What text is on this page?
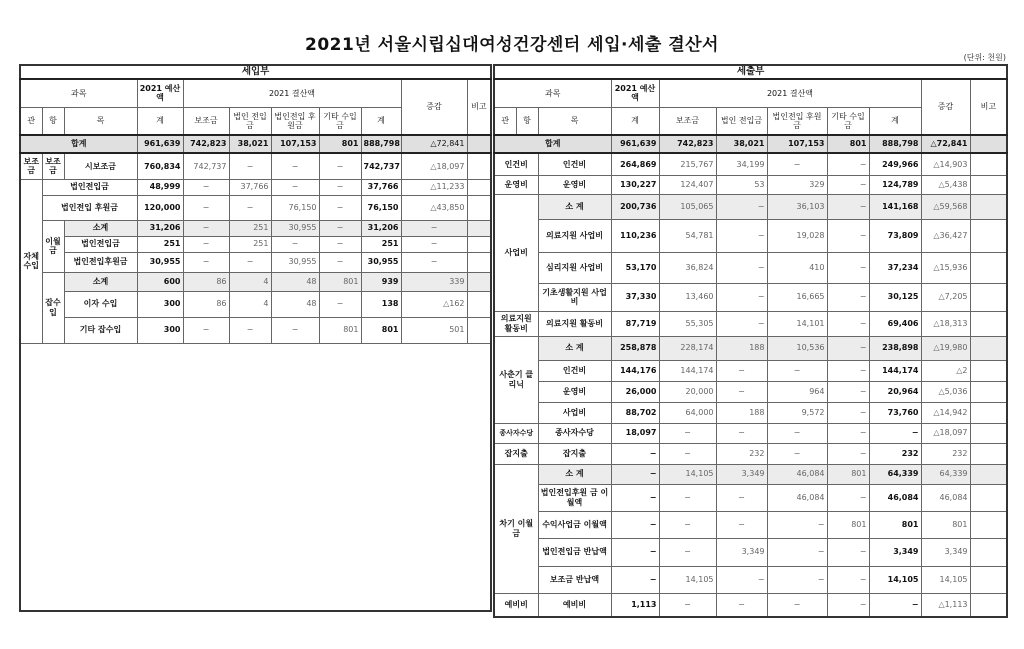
2021년 서울시립십대여성건강센터 세입·세출 결산서
(단위: 천원)
세입부										
과목			2021 예산액	2021 결산액					증감	비고
관	항	목	계	보조금	법인 전입금	법인전입 후원금	기타 수입금	계		
합계			961,639	742,823	38,021	107,153	801	888,798	△72,841	
보조금	보조금	시보조금	760,834	742,737	−	−	−	742,737	△18,097	
자체 수입	법인전입금		48,999	−	37,766	−	−	37,766	△11,233	
	법인전입 후원금		120,000	−	−	76,150	−	76,150	△43,850	
	이월금	소계	31,206	−	251	30,955	−	31,206	−	
		법인전입금	251	−	251	−	−	251	−	
		법인전입후원금	30,955	−	−	30,955	−	30,955	−	
	잡수입	소계	600	86	4	48	801	939	339	
		이자 수입	300	86	4	48	−	138	△162	
		기타 잡수입	300	−	−	−	801	801	501	

세출부										
과목			2021 예산액	2021 결산액					증감	비고
관	항	목	계	보조금	법인 전입금	법인전입 후원금	기타 수입금	계		
합계			961,639	742,823	38,021	107,153	801	888,798	△72,841	
인건비		인건비	264,869	215,767	34,199	−	−	249,966	△14,903	
운영비		운영비	130,227	124,407	53	329	−	124,789	△5,438	
사업비		소 계	200,736	105,065	−	36,103	−	141,168	△59,568	
		의료지원 사업비	110,236	54,781	−	19,028	−	73,809	△36,427	
		심리지원 사업비	53,170	36,824	−	410	−	37,234	△15,936	
		기초생활지원 사업비	37,330	13,460	−	16,665	−	30,125	△7,205	
의료지원 활동비		의료지원 활동비	87,719	55,305	−	14,101	−	69,406	△18,313	
사춘기 클리닉		소 계	258,878	228,174	188	10,536	−	238,898	△19,980	
		인건비	144,176	144,174	−	−	−	144,174	△2	
		운영비	26,000	20,000	−	964	−	20,964	△5,036	
		사업비	88,702	64,000	188	9,572	−	73,760	△14,942	
종사자수당		종사자수당	18,097	−	−	−	−	−	△18,097	
잡지출		잡지출	−	−	232	−	−	232	232	
차기 이월금		소 계	−	14,105	3,349	46,084	801	64,339	64,339	
		법인전입후원 금 이월액	−	−	−	46,084	−	46,084	46,084	
		수익사업금 이월액	−	−	−	−	801	801	801	
		법인전입금 반납액	−	−	3,349	−	−	3,349	3,349	
		보조금 반납액	−	14,105	−	−	−	14,105	14,105	
예비비		예비비	1,113	−	−	−	−	−	△1,113	
